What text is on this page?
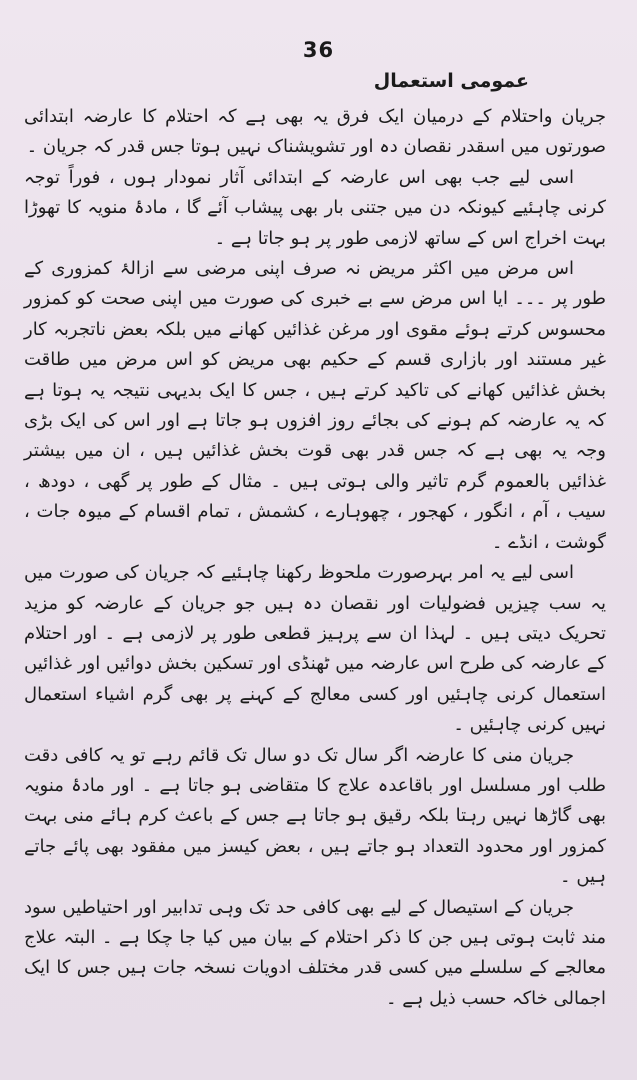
36
عمومی استعمال

جریان واحتلام کے درمیان ایک فرق یہ بھی ہے کہ احتلام کا عارضہ ابتدائی صورتوں میں اسقدر نقصان دہ اور تشویشناک نہیں ہوتا جس قدر کہ جریان ۔

اسی لیے جب بھی اس عارضہ کے ابتدائی آثار نمودار ہوں ، فوراً توجہ کرنی چاہئیے کیونکہ دن میں جتنی بار بھی پیشاب آئے گا ، مادۂ منویہ کا تھوڑا بہت اخراج اس کے ساتھ لازمی طور پر ہو جاتا ہے ۔

اس مرض میں اکثر مریض نہ صرف اپنی مرضی سے ازالۂ کمزوری کے طور پر ۔۔۔ ایا اس مرض سے بے خبری کی صورت میں اپنی صحت کو کمزور محسوس کرتے ہوئے مقوی اور مرغن غذائیں کھانے میں بلکہ بعض ناتجربہ کار غیر مستند اور بازاری قسم کے حکیم بھی مریض کو اس مرض میں طاقت بخش غذائیں کھانے کی تاکید کرتے ہیں ، جس کا ایک بدیہی نتیجہ یہ ہوتا ہے کہ یہ عارضہ کم ہونے کی بجائے روز افزوں ہو جاتا ہے اور اس کی ایک بڑی وجہ یہ بھی ہے کہ جس قدر بھی قوت بخش غذائیں ہیں ، ان میں بیشتر غذائیں بالعموم گرم تاثیر والی ہوتی ہیں ۔ مثال کے طور پر گھی ، دودھ ، سیب ، آم ، انگور ، کھجور ، چھوہارے ، کشمش ، تمام اقسام کے میوہ جات ، گوشت ، انڈے ۔

اسی لیے یہ امر بہرصورت ملحوظ رکھنا چاہئیے کہ جریان کی صورت میں یہ سب چیزیں فضولیات اور نقصان دہ ہیں جو جریان کے عارضہ کو مزید تحریک دیتی ہیں ۔ لہذا ان سے پرہیز قطعی طور پر لازمی ہے ۔ اور احتلام کے عارضہ کی طرح اس عارضہ میں ٹھنڈی اور تسکین بخش دوائیں اور غذائیں استعمال کرنی چاہئیں اور کسی معالج کے کہنے پر بھی گرم اشیاء استعمال نہیں کرنی چاہئیں ۔

جریان منی کا عارضہ اگر سال تک دو سال تک قائم رہے تو یہ کافی دقت طلب اور مسلسل اور باقاعدہ علاج کا متقاضی ہو جاتا ہے ۔ اور مادۂ منویہ بھی گاڑھا نہیں رہتا بلکہ رقیق ہو جاتا ہے جس کے باعث کرم ہائے منی بہت کمزور اور محدود التعداد ہو جاتے ہیں ، بعض کیسز میں مفقود بھی پائے جاتے ہیں ۔

جریان کے استیصال کے لیے بھی کافی حد تک وہی تدابیر اور احتیاطیں سود مند ثابت ہوتی ہیں جن کا ذکر احتلام کے بیان میں کیا جا چکا ہے ۔ البتہ علاج معالجے کے سلسلے میں کسی قدر مختلف ادویات نسخہ جات ہیں جس کا ایک اجمالی خاکہ حسب ذیل ہے ۔
